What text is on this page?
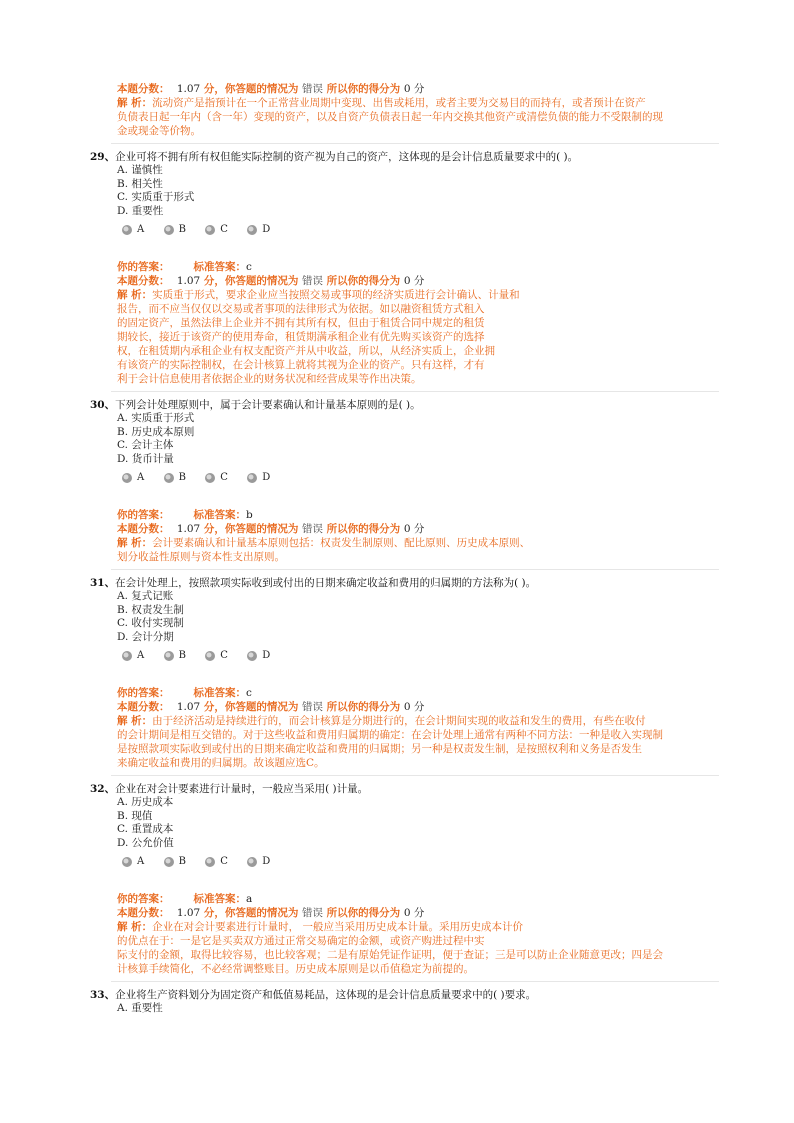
本题分数： 1.07 分，你答题的情况为 错误 所以你的得分为 0 分
解 析：流动资产是指预计在一个正常营业周期中变现、出售或耗用，或者主要为交易目的而持有，或者预计在资产
负债表日起一年内（含一年）变现的资产，以及自资产负债表日起一年内交换其他资产或清偿负债的能力不受限制的现
金或现金等价物。
29、企业可将不拥有所有权但能实际控制的资产视为自己的资产，这体现的是会计信息质量要求中的( )。
A. 谨慎性
B. 相关性
C. 实质重于形式
D. 重要性
A	B	C	D
你的答案： 标准答案：c
本题分数： 1.07 分，你答题的情况为 错误 所以你的得分为 0 分
解 析：实质重于形式，要求企业应当按照交易或事项的经济实质进行会计确认、计量和
报告，而不应当仅仅以交易或者事项的法律形式为依据。如以融资租赁方式租入
的固定资产，虽然法律上企业并不拥有其所有权，但由于租赁合同中规定的租赁
期较长，接近于该资产的使用寿命，租赁期满承租企业有优先购买该资产的选择
权，在租赁期内承租企业有权支配资产并从中收益，所以，从经济实质上，企业拥
有该资产的实际控制权，在会计核算上就将其视为企业的资产。只有这样，才有
利于会计信息使用者依据企业的财务状况和经营成果等作出决策。
30、下列会计处理原则中，属于会计要素确认和计量基本原则的是( )。
A. 实质重于形式
B. 历史成本原则
C. 会计主体
D. 货币计量
A	B	C	D
你的答案： 标准答案：b
本题分数： 1.07 分，你答题的情况为 错误 所以你的得分为 0 分
解 析：会计要素确认和计量基本原则包括：权责发生制原则、配比原则、历史成本原则、
划分收益性原则与资本性支出原则。
31、在会计处理上，按照款项实际收到或付出的日期来确定收益和费用的归属期的方法称为( )。
A. 复式记账
B. 权责发生制
C. 收付实现制
D. 会计分期
A	B	C	D
你的答案： 标准答案：c
本题分数： 1.07 分，你答题的情况为 错误 所以你的得分为 0 分
解 析：由于经济活动是持续进行的，而会计核算是分期进行的，在会计期间实现的收益和发生的费用，有些在收付
的会计期间是相互交错的。对于这些收益和费用归属期的确定：在会计处理上通常有两种不同方法：一种是收入实现制
是按照款项实际收到或付出的日期来确定收益和费用的归属期；另一种是权责发生制，是按照权利和义务是否发生
来确定收益和费用的归属期。故该题应选C。
32、企业在对会计要素进行计量时，一般应当采用( )计量。
A. 历史成本
B. 现值
C. 重置成本
D. 公允价值
A	B	C	D
你的答案： 标准答案：a
本题分数： 1.07 分，你答题的情况为 错误 所以你的得分为 0 分
解 析：企业在对会计要素进行计量时， 一般应当采用历史成本计量。采用历史成本计价
的优点在于：一是它是买卖双方通过正常交易确定的金额，或资产购进过程中实
际支付的金额，取得比较容易，也比较客观；二是有原始凭证作证明，便于查证；三是可以防止企业随意更改；四是会
计核算手续简化，不必经常调整账目。历史成本原则是以币值稳定为前提的。
33、企业将生产资料划分为固定资产和低值易耗品，这体现的是会计信息质量要求中的( )要求。
A. 重要性
